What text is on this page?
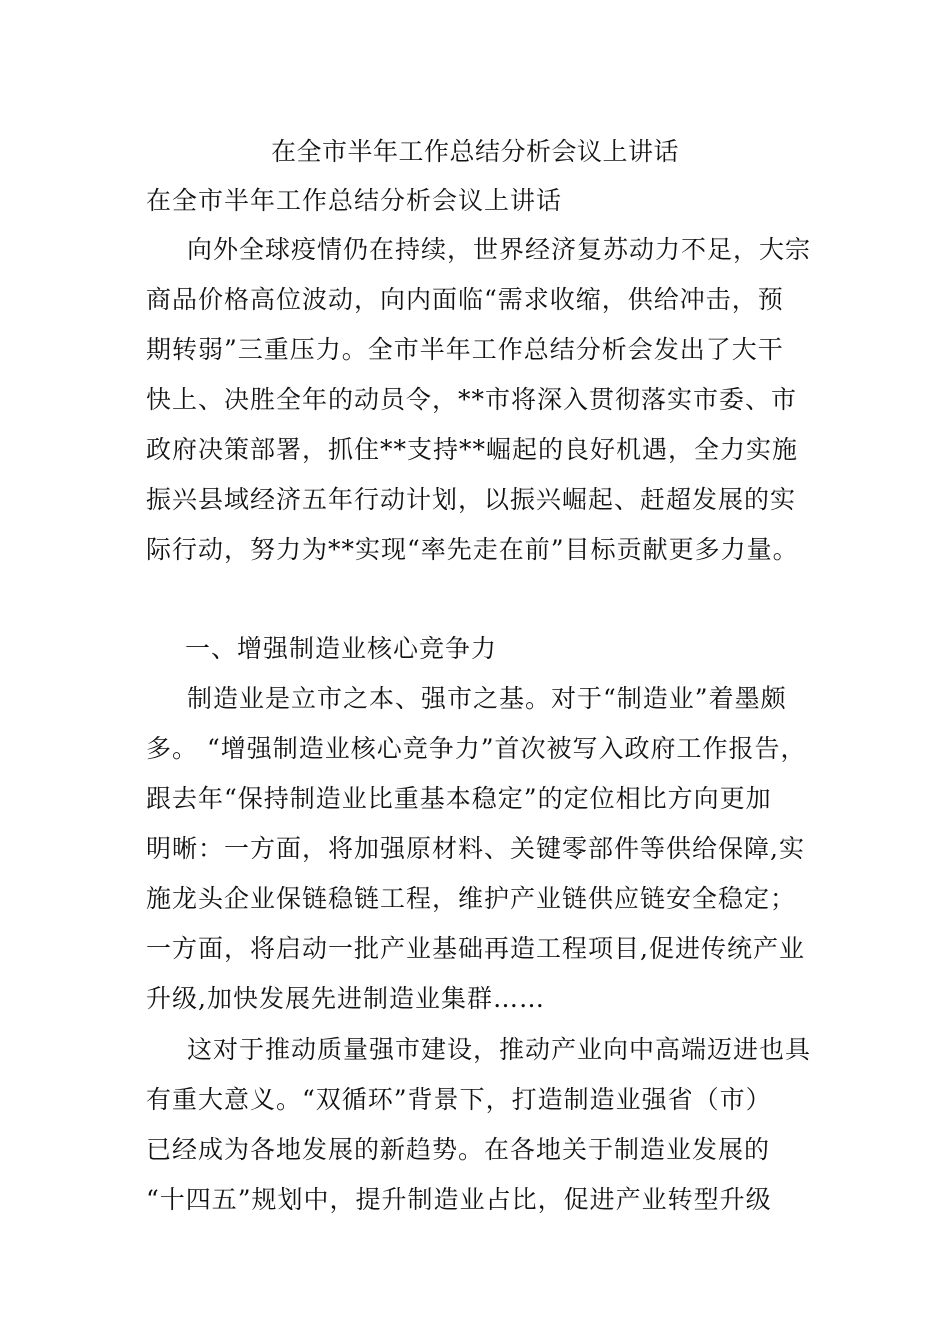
在全市半年工作总结分析会议上讲话
在全市半年工作总结分析会议上讲话
向外全球疫情仍在持续，世界经济复苏动力不足，大宗
商品价格高位波动，向内面临“需求收缩，供给冲击，预
期转弱”三重压力。全市半年工作总结分析会发出了大干
快上、决胜全年的动员令，**市将深入贯彻落实市委、市
政府决策部署，抓住**支持**崛起的良好机遇，全力实施
振兴县域经济五年行动计划，以振兴崛起、赶超发展的实
际行动，努力为**实现“率先走在前”目标贡献更多力量。
一、增强制造业核心竞争力
制造业是立市之本、强市之基。对于“制造业”着墨颇
多。 “增强制造业核心竞争力”首次被写入政府工作报告，
跟去年“保持制造业比重基本稳定”的定位相比方向更加
明晰：一方面，将加强原材料、关键零部件等供给保障,实
施龙头企业保链稳链工程，维护产业链供应链安全稳定；
一方面，将启动一批产业基础再造工程项目,促进传统产业
升级,加快发展先进制造业集群……
这对于推动质量强市建设，推动产业向中高端迈进也具
有重大意义。“双循环”背景下，打造制造业强省（市）
已经成为各地发展的新趋势。在各地关于制造业发展的
“十四五”规划中，提升制造业占比，促进产业转型升级
